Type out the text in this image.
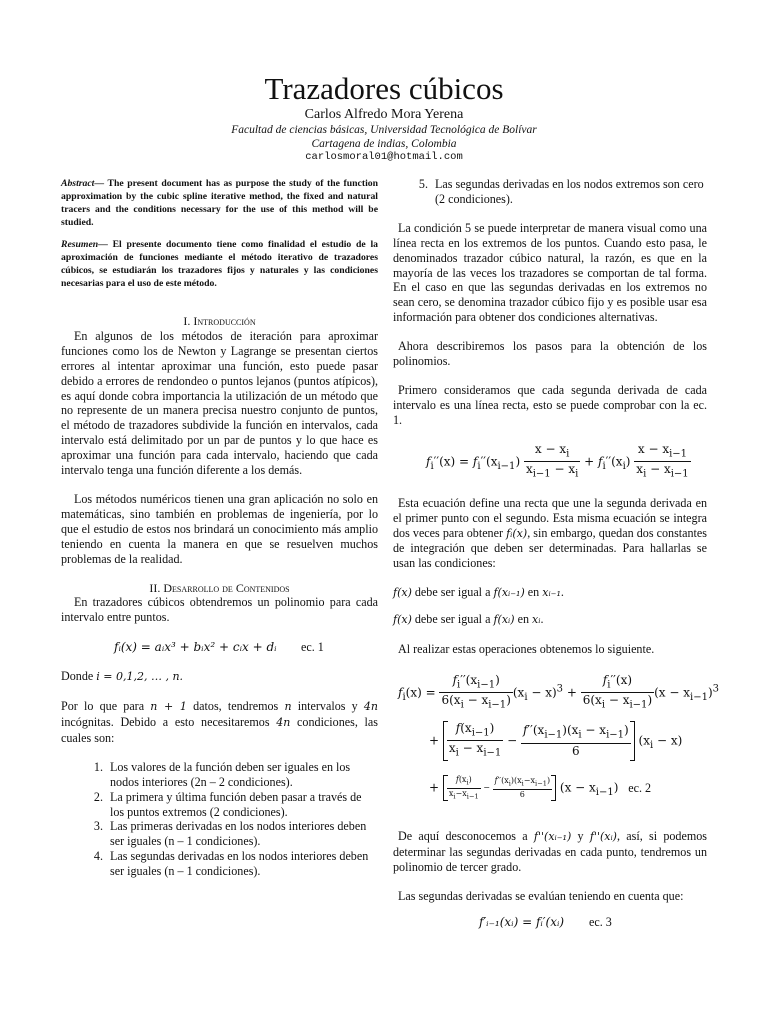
Trazadores cúbicos
Carlos Alfredo Mora Yerena
Facultad de ciencias básicas, Universidad Tecnológica de Bolívar
Cartagena de indias, Colombia
carlosmoral01@hotmail.com

Abstract— The present document has as purpose the study of the function approximation by the cubic spline iterative method, the fixed and natural tracers and the conditions necessary for the use of this method will be studied.

Resumen— El presente documento tiene como finalidad el estudio de la aproximación de funciones mediante el método iterativo de trazadores cúbicos, se estudiarán los trazadores fijos y naturales y las condiciones necesarias para el uso de este método.

I. Introducción

En algunos de los métodos de iteración para aproximar funciones como los de Newton y Lagrange se presentan ciertos errores al intentar aproximar una función, esto puede pasar debido a errores de rendondeo o puntos lejanos (puntos atípicos), es aquí donde cobra importancia la utilización de un método que no represente de un manera precisa nuestro conjunto de puntos, el método de trazadores subdivide la función en intervalos, cada intervalo está delimitado por un par de puntos y lo que hace es aproximar una función para cada intervalo, haciendo que cada intervalo tenga una función diferente a los demás.

Los métodos numéricos tienen una gran aplicación no solo en matemáticas, sino también en problemas de ingeniería, por lo que el estudio de estos nos brindará un conocimiento más amplio teniendo en cuenta la manera en que se resuelven muchos problemas de la realidad.

II. Desarrollo de Contenidos

En trazadores cúbicos obtendremos un polinomio para cada intervalo entre puntos.

fᵢ(x) = aᵢx³ + bᵢx² + cᵢx + dᵢ ec. 1

Donde i = 0,1,2, … , n.

Por lo que para n + 1 datos, tendremos n intervalos y 4n incógnitas. Debido a esto necesitaremos 4n condiciones, las cuales son:

1. Los valores de la función deben ser iguales en los nodos interiores (2n – 2 condiciones).
2. La primera y última función deben pasar a través de los puntos extremos (2 condiciones).
3. Las primeras derivadas en los nodos interiores deben ser iguales (n – 1 condiciones).
4. Las segundas derivadas en los nodos interiores deben ser iguales (n – 1 condiciones).
5. Las segundas derivadas en los nodos extremos son cero (2 condiciones).

La condición 5 se puede interpretar de manera visual como una línea recta en los extremos de los puntos. Cuando esto pasa, le denominados trazador cúbico natural, la razón, es que en la mayoría de las veces los trazadores se comportan de tal forma. En el caso en que las segundas derivadas en los extremos no sean cero, se denomina trazador cúbico fijo y es posible usar esa información para obtener dos condiciones alternativas.

Ahora describiremos los pasos para la obtención de los polinomios.

Primero consideramos que cada segunda derivada de cada intervalo es una línea recta, esto se puede comprobar con la ec. 1.

$f_i''(x) = f_i''(x_{i-1}) \frac{x - x_i}{x_{i-1} - x_i} + f_i''(x_i) \frac{x - x_{i-1}}{x_i - x_{i-1}}$

Esta ecuación define una recta que une la segunda derivada en el primer punto con el segundo. Esta misma ecuación se integra dos veces para obtener fᵢ(x), sin embargo, quedan dos constantes de integración que deben ser determinadas. Para hallarlas se usan las condiciones:

f(x) debe ser igual a f(xᵢ₋₁) en xᵢ₋₁.

f(x) debe ser igual a f(xᵢ) en xᵢ.

Al realizar estas operaciones obtenemos lo siguiente.

$f_i(x) = \frac{f_i''(x_{i-1})}{6(x_i - x_{i-1})} (x_i - x)^3 + \frac{f_i''(x)}{6(x_i - x_{i-1})} (x - x_{i-1})^3$
+ $\frac{f(x_{i-1})}{x_i - x_{i-1}} - \frac{f''(x_{i-1})(x_i - x_{i-1})}{6} (x_i - x)$
+ $\frac{f(x_i)}{x_i-x_{i-1}} - \frac{f''(x_i)(x_i-x_{i-1})}{6} (x - x_{i-1})$ ec. 2

De aquí desconocemos a f''(xᵢ₋₁) y f''(xᵢ), así, si podemos determinar las segundas derivadas en cada punto, tendremos un polinomio de tercer grado.

Las segundas derivadas se evalúan teniendo en cuenta que:

f′ᵢ₋₁(xᵢ) = fᵢ′(xᵢ) ec. 3
